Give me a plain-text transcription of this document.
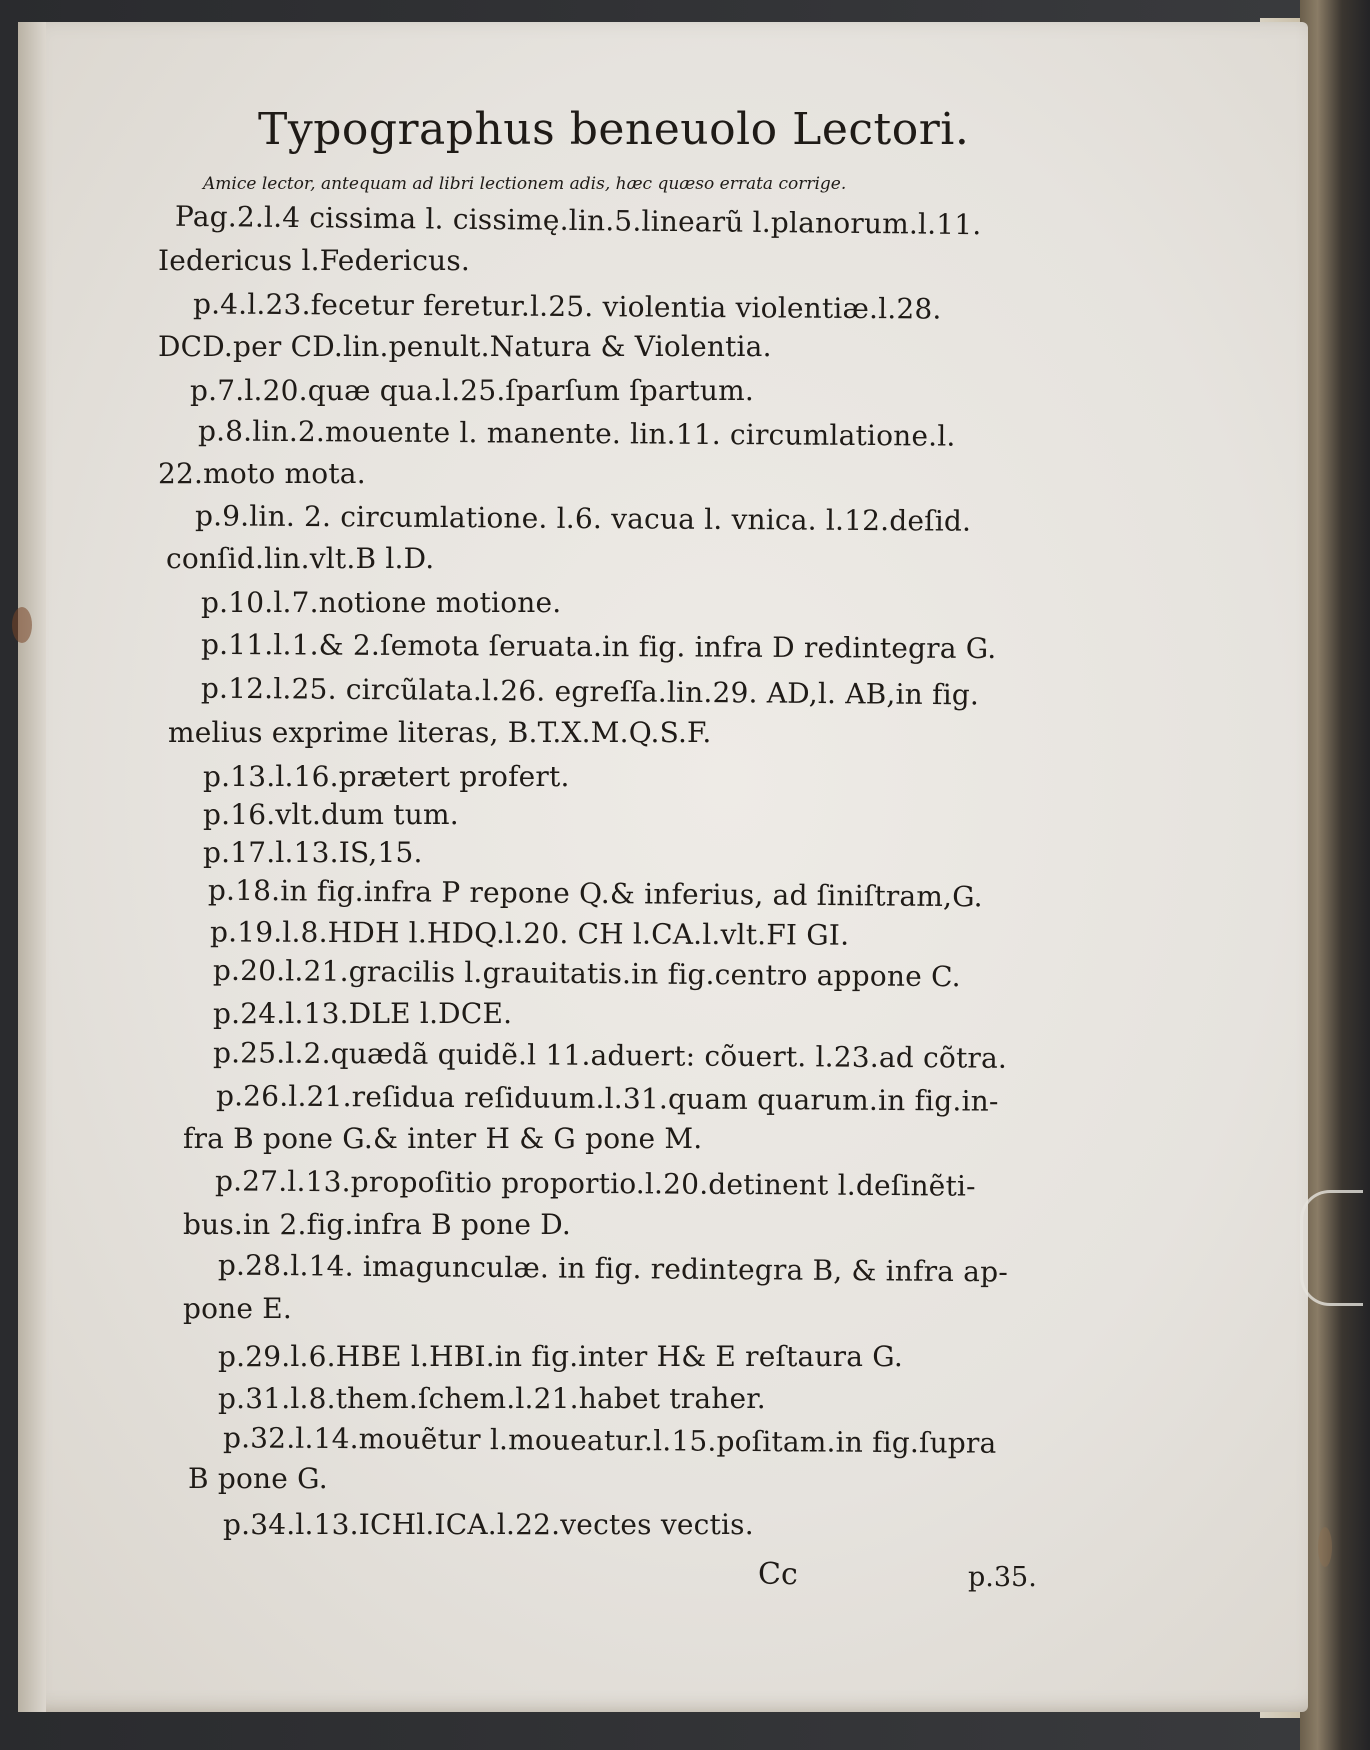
Typographus beneuolo Lectori.
Amice lector, antequam ad libri lectionem adis, hæc quæso errata corrige.
Pag.2.l.4 cissima l. cissimę.lin.5.linearũ l.planorum.l.11.
Iedericus l.Federicus.
p.4.l.23.fecetur feretur.l.25. violentia violentiæ.l.28.
DCD.per CD.lin.penult.Natura & Violentia.
p.7.l.20.quæ qua.l.25.ſparſum ſpartum.
p.8.lin.2.mouente l. manente. lin.11. circumlatione.l.
22.moto mota.
p.9.lin. 2. circumlatione. l.6. vacua l. vnica. l.12.deſid.
conſid.lin.vlt.B l.D.
p.10.l.7.notione motione.
p.11.l.1.& 2.ſemota ſeruata.in fig. infra D redintegra G.
p.12.l.25. circũlata.l.26. egreſſa.lin.29. AD,l. AB,in fig.
melius exprime literas, B.T.X.M.Q.S.F.
p.13.l.16.prætert profert.
p.16.vlt.dum tum.
p.17.l.13.IS,15.
p.18.in fig.infra P repone Q.& inferius, ad ſiniſtram,G.
p.19.l.8.HDH l.HDQ.l.20. CH l.CA.l.vlt.FI GI.
p.20.l.21.gracilis l.grauitatis.in fig.centro appone C.
p.24.l.13.DLE l.DCE.
p.25.l.2.quædã quidẽ.l 11.aduert: cõuert. l.23.ad cõtra.
p.26.l.21.reſidua reſiduum.l.31.quam quarum.in fig.in-
fra B pone G.& inter H & G pone M.
p.27.l.13.propoſitio proportio.l.20.detinent l.deſinẽti-
bus.in 2.fig.infra B pone D.
p.28.l.14. imagunculæ. in fig. redintegra B, & infra ap-
pone E.
p.29.l.6.HBE l.HBI.in fig.inter H& E reſtaura G.
p.31.l.8.them.ſchem.l.21.habet traher.
p.32.l.14.mouẽtur l.moueatur.l.15.poſitam.in fig.ſupra
B pone G.
p.34.l.13.ICHl.ICA.l.22.vectes vectis.
Cc	p.35.
